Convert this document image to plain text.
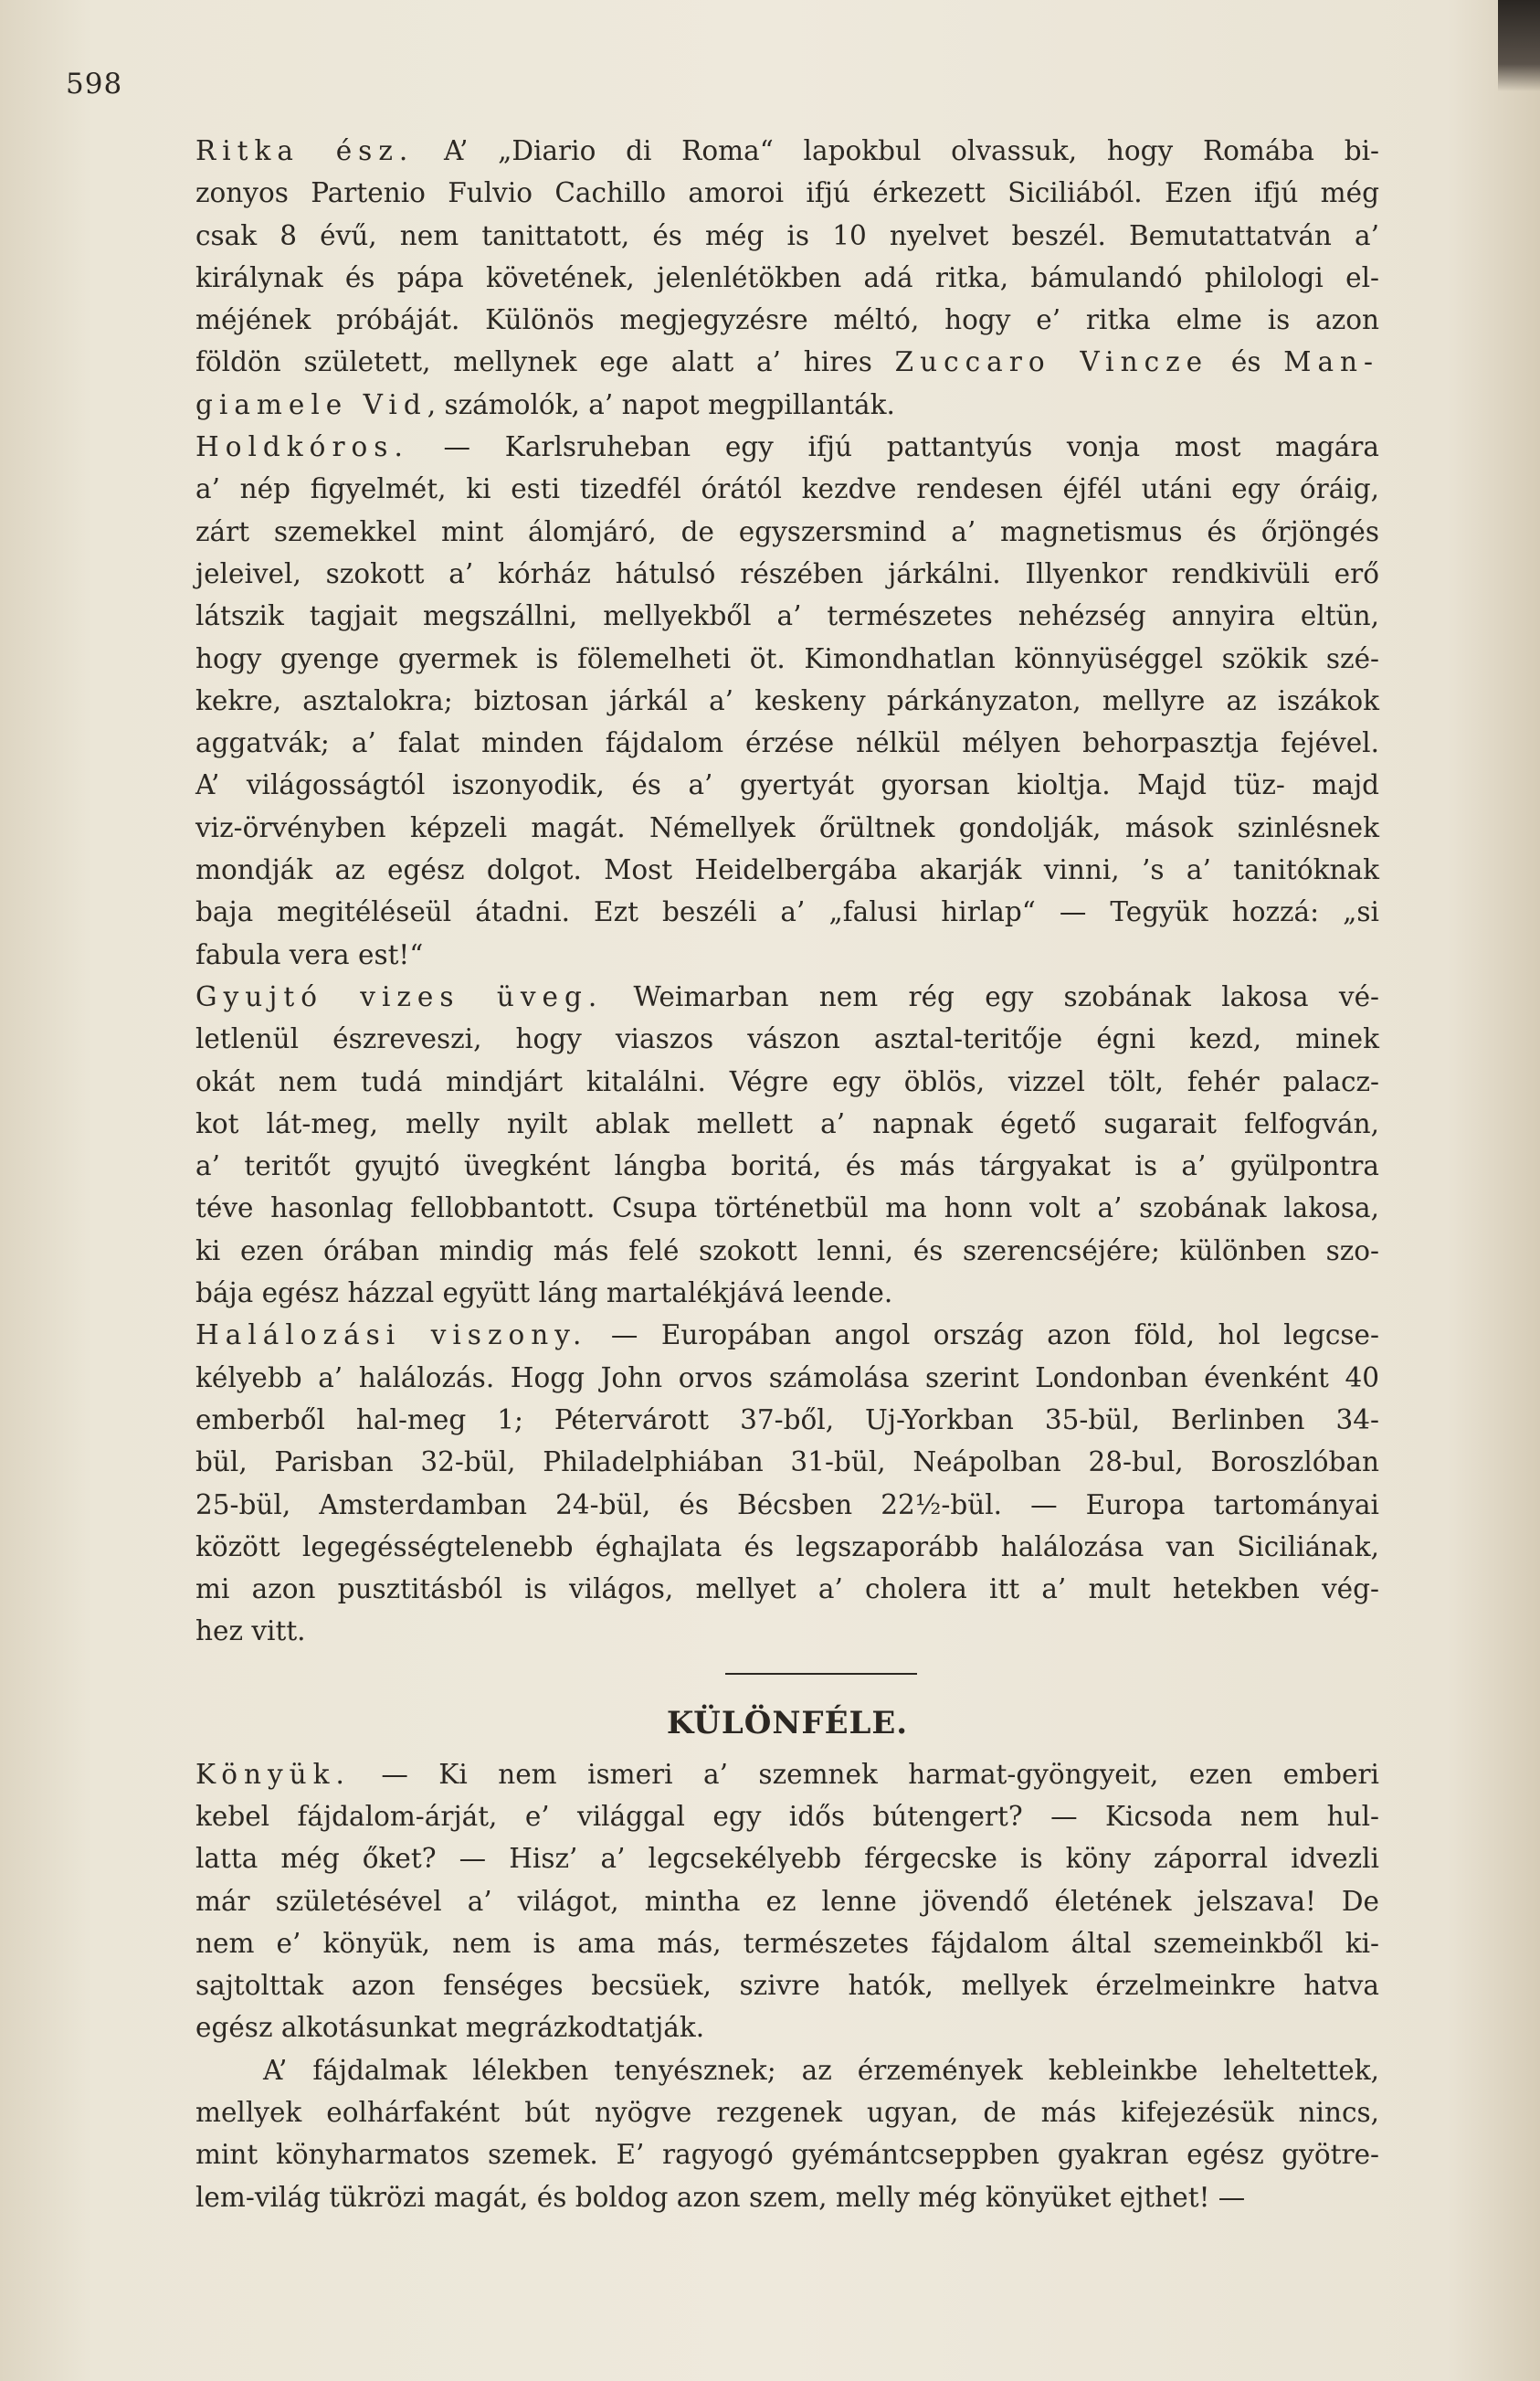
598
Ritka ész. A’ „Diario di Roma“ lapokbul olvassuk, hogy Romába bi-
zonyos Partenio Fulvio Cachillo amoroi ifjú érkezett Siciliából. Ezen ifjú még
csak 8 évű, nem tanittatott, és még is 10 nyelvet beszél. Bemutattatván a’
királynak és pápa követének, jelenlétökben adá ritka, bámulandó philologi el-
méjének próbáját. Különös megjegyzésre méltó, hogy e’ ritka elme is azon
földön született, mellynek ege alatt a’ hires Zuccaro Vincze és Man-
giamele Vid, számolók, a’ napot megpillanták.
Holdkóros. — Karlsruheban egy ifjú pattantyús vonja most magára
a’ nép figyelmét, ki esti tizedfél órától kezdve rendesen éjfél utáni egy óráig,
zárt szemekkel mint álomjáró, de egyszersmind a’ magnetismus és őrjöngés
jeleivel, szokott a’ kórház hátulsó részében járkálni. Illyenkor rendkivüli erő
látszik tagjait megszállni, mellyekből a’ természetes nehézség annyira eltün,
hogy gyenge gyermek is fölemelheti öt. Kimondhatlan könnyüséggel szökik szé-
kekre, asztalokra; biztosan járkál a’ keskeny párkányzaton, mellyre az iszákok
aggatvák; a’ falat minden fájdalom érzése nélkül mélyen behorpasztja fejével.
A’ világosságtól iszonyodik, és a’ gyertyát gyorsan kioltja. Majd tüz- majd
viz-örvényben képzeli magát. Némellyek őrültnek gondolják, mások szinlésnek
mondják az egész dolgot. Most Heidelbergába akarják vinni, ’s a’ tanitóknak
baja megitéléseül átadni. Ezt beszéli a’ „falusi hirlap“ — Tegyük hozzá: „si
fabula vera est!“
Gyujtó vizes üveg. Weimarban nem rég egy szobának lakosa vé-
letlenül észreveszi, hogy viaszos vászon asztal-teritője égni kezd, minek
okát nem tudá mindjárt kitalálni. Végre egy öblös, vizzel tölt, fehér palacz-
kot lát-meg, melly nyilt ablak mellett a’ napnak égető sugarait felfogván,
a’ teritőt gyujtó üvegként lángba boritá, és más tárgyakat is a’ gyülpontra
téve hasonlag fellobbantott. Csupa történetbül ma honn volt a’ szobának lakosa,
ki ezen órában mindig más felé szokott lenni, és szerencséjére; különben szo-
bája egész házzal együtt láng martalékjává leende.
Halálozási viszony. — Europában angol ország azon föld, hol legcse-
kélyebb a’ halálozás. Hogg John orvos számolása szerint Londonban évenként 40
emberből hal-meg 1; Pétervárott 37-ből, Uj-Yorkban 35-bül, Berlinben 34-
bül, Parisban 32-bül, Philadelphiában 31-bül, Neápolban 28-bul, Boroszlóban
25-bül, Amsterdamban 24-bül, és Bécsben 22½-bül. — Europa tartományai
között legegésségtelenebb éghajlata és legszaporább halálozása van Siciliának,
mi azon pusztitásból is világos, mellyet a’ cholera itt a’ mult hetekben vég-
hez vitt.
KÜLÖNFÉLE.
Könyük. — Ki nem ismeri a’ szemnek harmat-gyöngyeit, ezen emberi
kebel fájdalom-árját, e’ világgal egy idős bútengert? — Kicsoda nem hul-
latta még őket? — Hisz’ a’ legcsekélyebb férgecske is köny záporral idvezli
már születésével a’ világot, mintha ez lenne jövendő életének jelszava! De
nem e’ könyük, nem is ama más, természetes fájdalom által szemeinkből ki-
sajtolttak azon fenséges becsüek, szivre hatók, mellyek érzelmeinkre hatva
egész alkotásunkat megrázkodtatják.
A’ fájdalmak lélekben tenyésznek; az érzemények kebleinkbe leheltettek,
mellyek eolhárfaként bút nyögve rezgenek ugyan, de más kifejezésük nincs,
mint könyharmatos szemek. E’ ragyogó gyémántcseppben gyakran egész gyötre-
lem-világ tükrözi magát, és boldog azon szem, melly még könyüket ejthet! —
